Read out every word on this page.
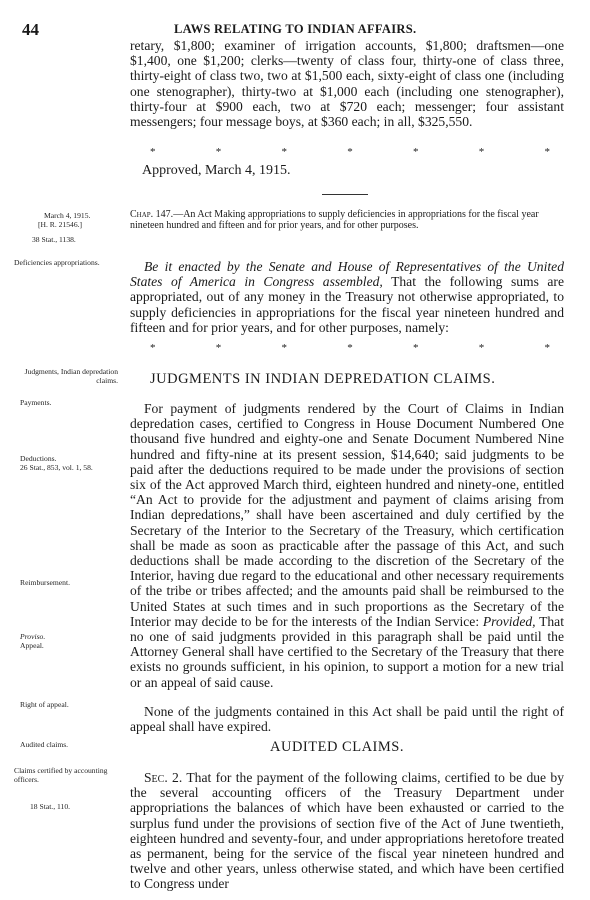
44	LAWS RELATING TO INDIAN AFFAIRS.
retary, $1,800; examiner of irrigation accounts, $1,800; draftsmen—one $1,400, one $1,200; clerks—twenty of class four, thirty-one of class three, thirty-eight of class two, two at $1,500 each, sixty-eight of class one (including one stenographer), thirty-two at $1,000 each (including one stenographer), thirty-four at $900 each, two at $720 each; messenger; four assistant messengers; four message boys, at $360 each; in all, $325,550.
*	*	*	*	*	*	*
Approved, March 4, 1915.
March 4, 1915.
[H. R. 21546.]
38 Stat., 1138.
Chap. 147.—An Act Making appropriations to supply deficiencies in appropriations for the fiscal year nineteen hundred and fifteen and for prior years, and for other purposes.
Deficiencies appropriations.	Be it enacted by the Senate and House of Representatives of the United States of America in Congress assembled, That the following sums are appropriated, out of any money in the Treasury not otherwise appropriated, to supply deficiencies in appropriations for the fiscal year nineteen hundred and fifteen and for prior years, and for other purposes, namely:
*	*	*	*	*	*	*
Judgments, Indian depredation claims. JUDGMENTS IN INDIAN DEPREDATION CLAIMS.
Payments.
Deductions.
26 Stat., 853, vol. 1, 58.
Reimbursement.
Proviso.
Appeal.
Right of appeal.
For payment of judgments rendered by the Court of Claims in Indian depredation cases, certified to Congress in House Document Numbered One thousand five hundred and eighty-one and Senate Document Numbered Nine hundred and fifty-nine at its present session, $14,640; said judgments to be paid after the deductions required to be made under the provisions of section six of the Act approved March third, eighteen hundred and ninety-one, entitled “An Act to provide for the adjustment and payment of claims arising from Indian depredations,” shall have been ascertained and duly certified by the Secretary of the Interior to the Secretary of the Treasury, which certification shall be made as soon as practicable after the passage of this Act, and such deductions shall be made according to the discretion of the Secretary of the Interior, having due regard to the educational and other necessary requirements of the tribe or tribes affected; and the amounts paid shall be reimbursed to the United States at such times and in such proportions as the Secretary of the Interior may decide to be for the interests of the Indian Service: Provided, That no one of said judgments provided in this paragraph shall be paid until the Attorney General shall have certified to the Secretary of the Treasury that there exists no grounds sufficient, in his opinion, to support a motion for a new trial or an appeal of said cause.
None of the judgments contained in this Act shall be paid until the right of appeal shall have expired.
Audited claims.	AUDITED CLAIMS.
Claims certified by accounting officers.
18 Stat., 110.
Sec. 2. That for the payment of the following claims, certified to be due by the several accounting officers of the Treasury Department under appropriations the balances of which have been exhausted or carried to the surplus fund under the provisions of section five of the Act of June twentieth, eighteen hundred and seventy-four, and under appropriations heretofore treated as permanent, being for the service of the fiscal year nineteen hundred and twelve and other years, unless otherwise stated, and which have been certified to Congress under
